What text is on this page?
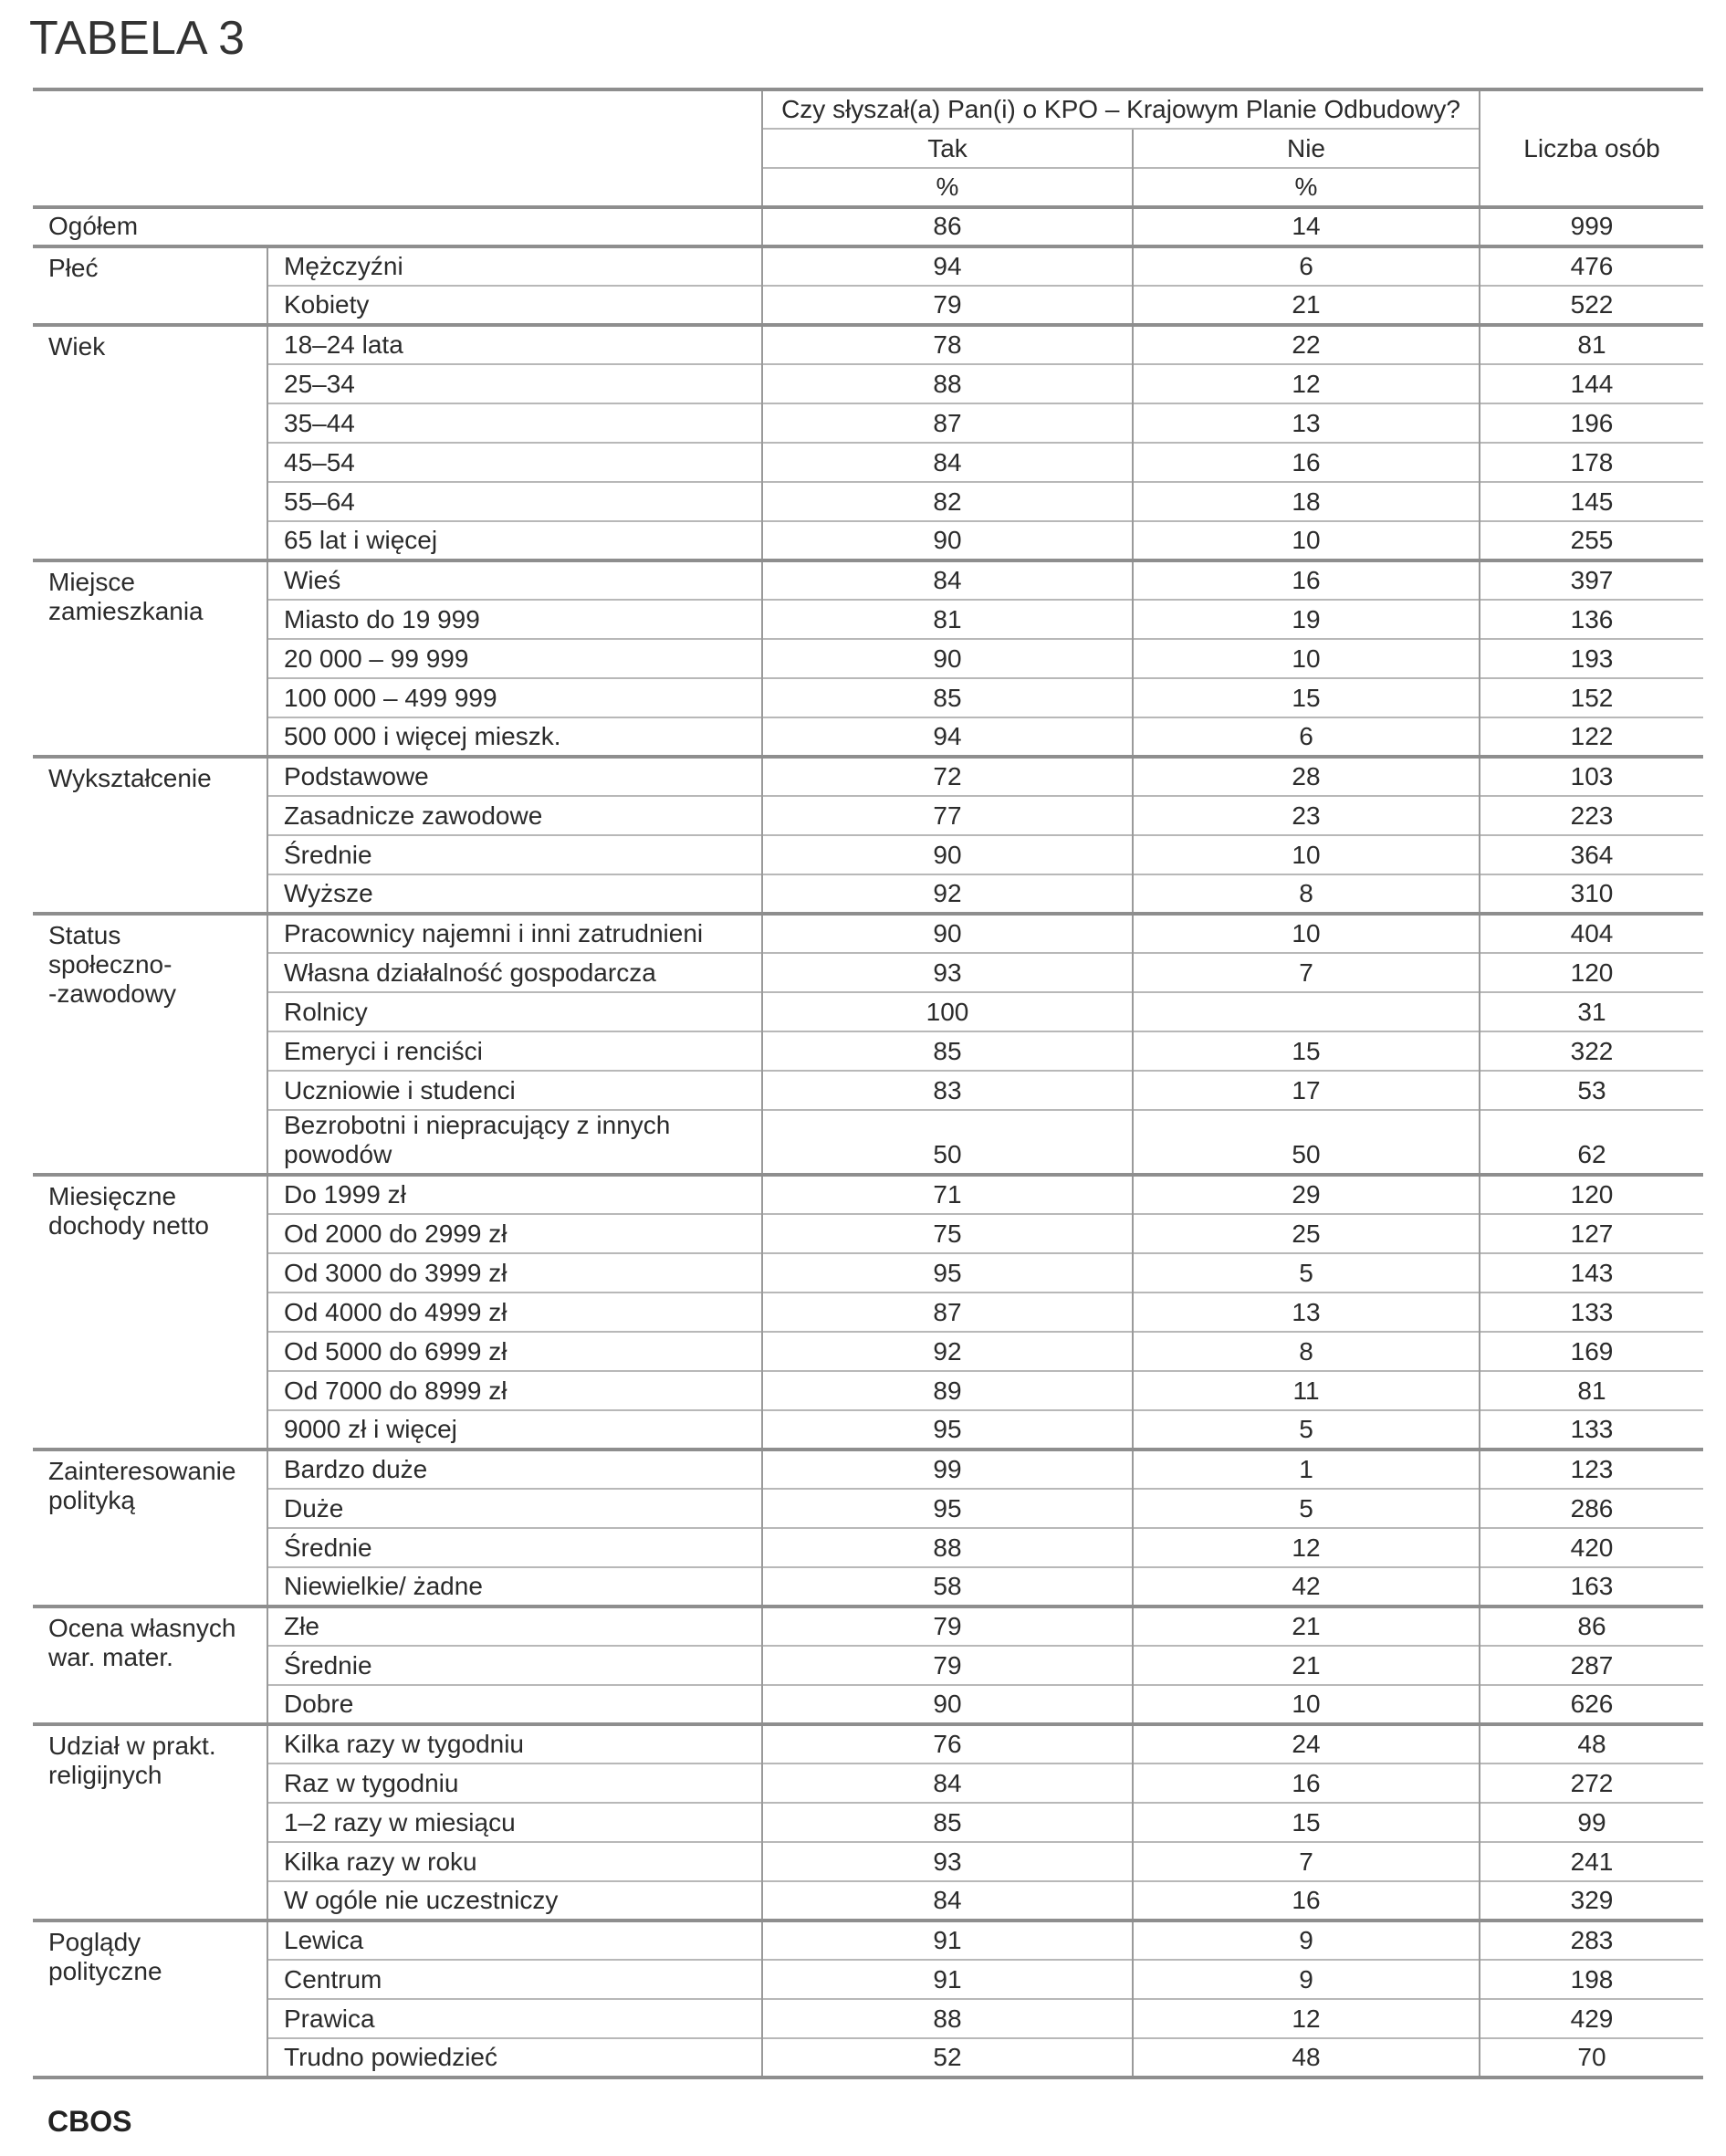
TABELA 3
		Czy słyszał(a) Pan(i) o KPO – Krajowym Planie Odbudowy?		Liczba osób
		Tak	Nie	
		%	%	
Ogółem		86	14	999
Płeć	Mężczyźni	94	6	476
	Kobiety	79	21	522
Wiek	18–24 lata	78	22	81
	25–34	88	12	144
	35–44	87	13	196
	45–54	84	16	178
	55–64	82	18	145
	65 lat i więcej	90	10	255
Miejsce
zamieszkania	Wieś	84	16	397
	Miasto do 19 999	81	19	136
	20 000 – 99 999	90	10	193
	100 000 – 499 999	85	15	152
	500 000 i więcej mieszk.	94	6	122
Wykształcenie	Podstawowe	72	28	103
	Zasadnicze zawodowe	77	23	223
	Średnie	90	10	364
	Wyższe	92	8	310
Status
społeczno-
-zawodowy	Pracownicy najemni i inni zatrudnieni	90	10	404
	Własna działalność gospodarcza	93	7	120
	Rolnicy	100		31
	Emeryci i renciści	85	15	322
	Uczniowie i studenci	83	17	53
	Bezrobotni i niepracujący z innych
powodów	50	50	62
Miesięczne
dochody netto	Do 1999 zł	71	29	120
	Od 2000 do 2999 zł	75	25	127
	Od 3000 do 3999 zł	95	5	143
	Od 4000 do 4999 zł	87	13	133
	Od 5000 do 6999 zł	92	8	169
	Od 7000 do 8999 zł	89	11	81
	9000 zł i więcej	95	5	133
Zainteresowanie
polityką	Bardzo duże	99	1	123
	Duże	95	5	286
	Średnie	88	12	420
	Niewielkie/ żadne	58	42	163
Ocena własnych
war. mater.	Złe	79	21	86
	Średnie	79	21	287
	Dobre	90	10	626
Udział w prakt.
religijnych	Kilka razy w tygodniu	76	24	48
	Raz w tygodniu	84	16	272
	1–2 razy w miesiącu	85	15	99
	Kilka razy w roku	93	7	241
	W ogóle nie uczestniczy	84	16	329
Poglądy
polityczne	Lewica	91	9	283
	Centrum	91	9	198
	Prawica	88	12	429
	Trudno powiedzieć	52	48	70
CBOS
